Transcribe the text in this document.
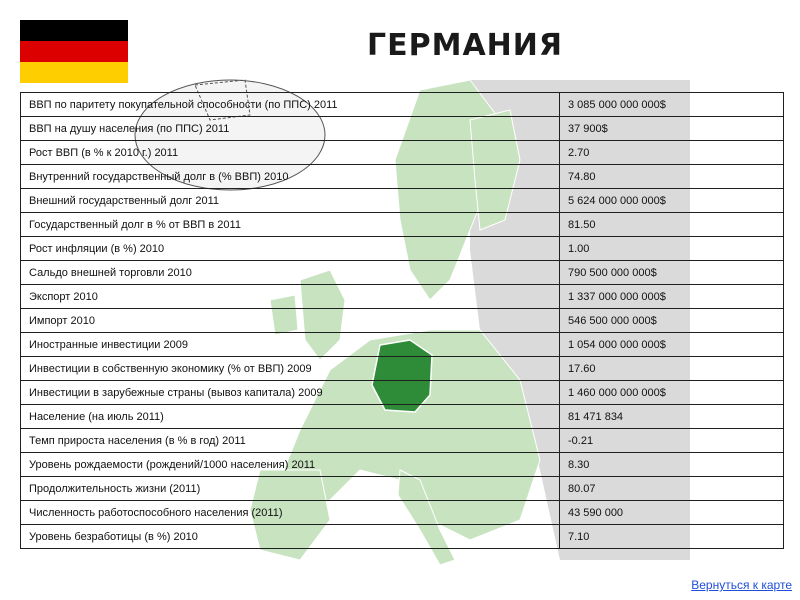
ГЕРМАНИЯ
ВВП по паритету покупательной способности (по ППС) 2011	3 085 000 000 000$
ВВП на душу населения (по ППС) 2011	37 900$
Рост ВВП (в % к 2010 г.) 2011	2.70
Внутренний государственный долг в (% ВВП) 2010	74.80
Внешний государственный долг 2011	5 624 000 000 000$
Государственный долг в % от ВВП в 2011	81.50
Рост инфляции (в %) 2010	1.00
Сальдо внешней торговли 2010	790 500 000 000$
Экспорт 2010	1 337 000 000 000$
Импорт 2010	546 500 000 000$
Иностранные инвестиции 2009	1 054 000 000 000$
Инвестиции в собственную экономику (% от ВВП) 2009	17.60
Инвестиции в зарубежные страны (вывоз капитала) 2009	1 460 000 000 000$
Население (на июль 2011)	81 471 834
Темп прироста населения (в % в год) 2011	-0.21
Уровень рождаемости (рождений/1000 населения) 2011	8.30
Продолжительность жизни (2011)	80.07
Численность работоспособного населения (2011)	43 590 000
Уровень безработицы (в %) 2010	7.10
Вернуться к карте
